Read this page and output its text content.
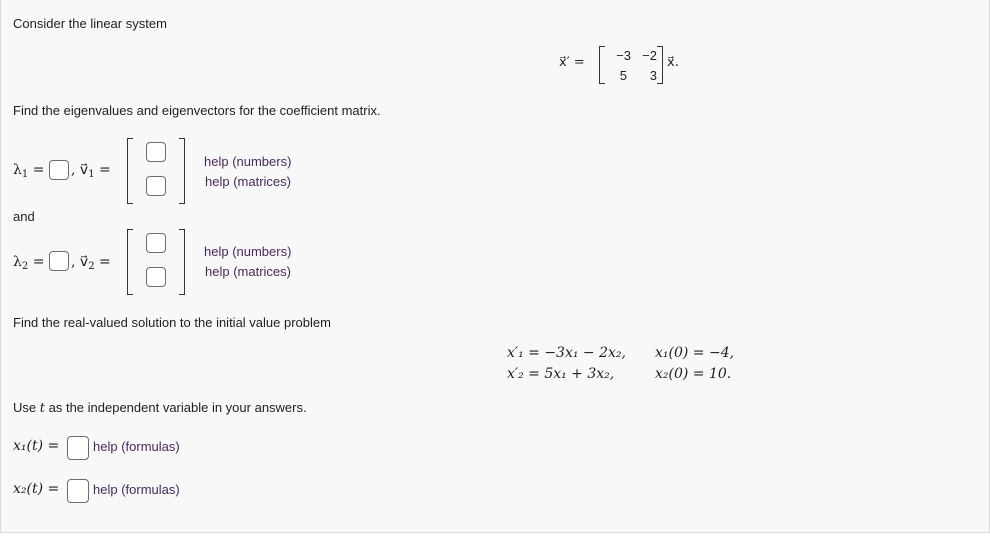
Consider the linear system
x⃗′ =	−3 −2
5	3
x⃗.
Find the eigenvalues and eigenvectors for the coefficient matrix.
$\lambda_1$ = , $v⃗_1$ =
help (numbers)
help (matrices)
and
$\lambda_2$ = , $v⃗_2$ =
help (numbers)
help (matrices)
Find the real-valued solution to the initial value problem
x′₁ = −3x₁ − 2x₂,
x′₂ = 5x₁ + 3x₂,
x₁(0) = −4,
x₂(0) = 10.
Use t as the independent variable in your answers.
x₁(t) =	help (formulas)
x₂(t) =	help (formulas)
